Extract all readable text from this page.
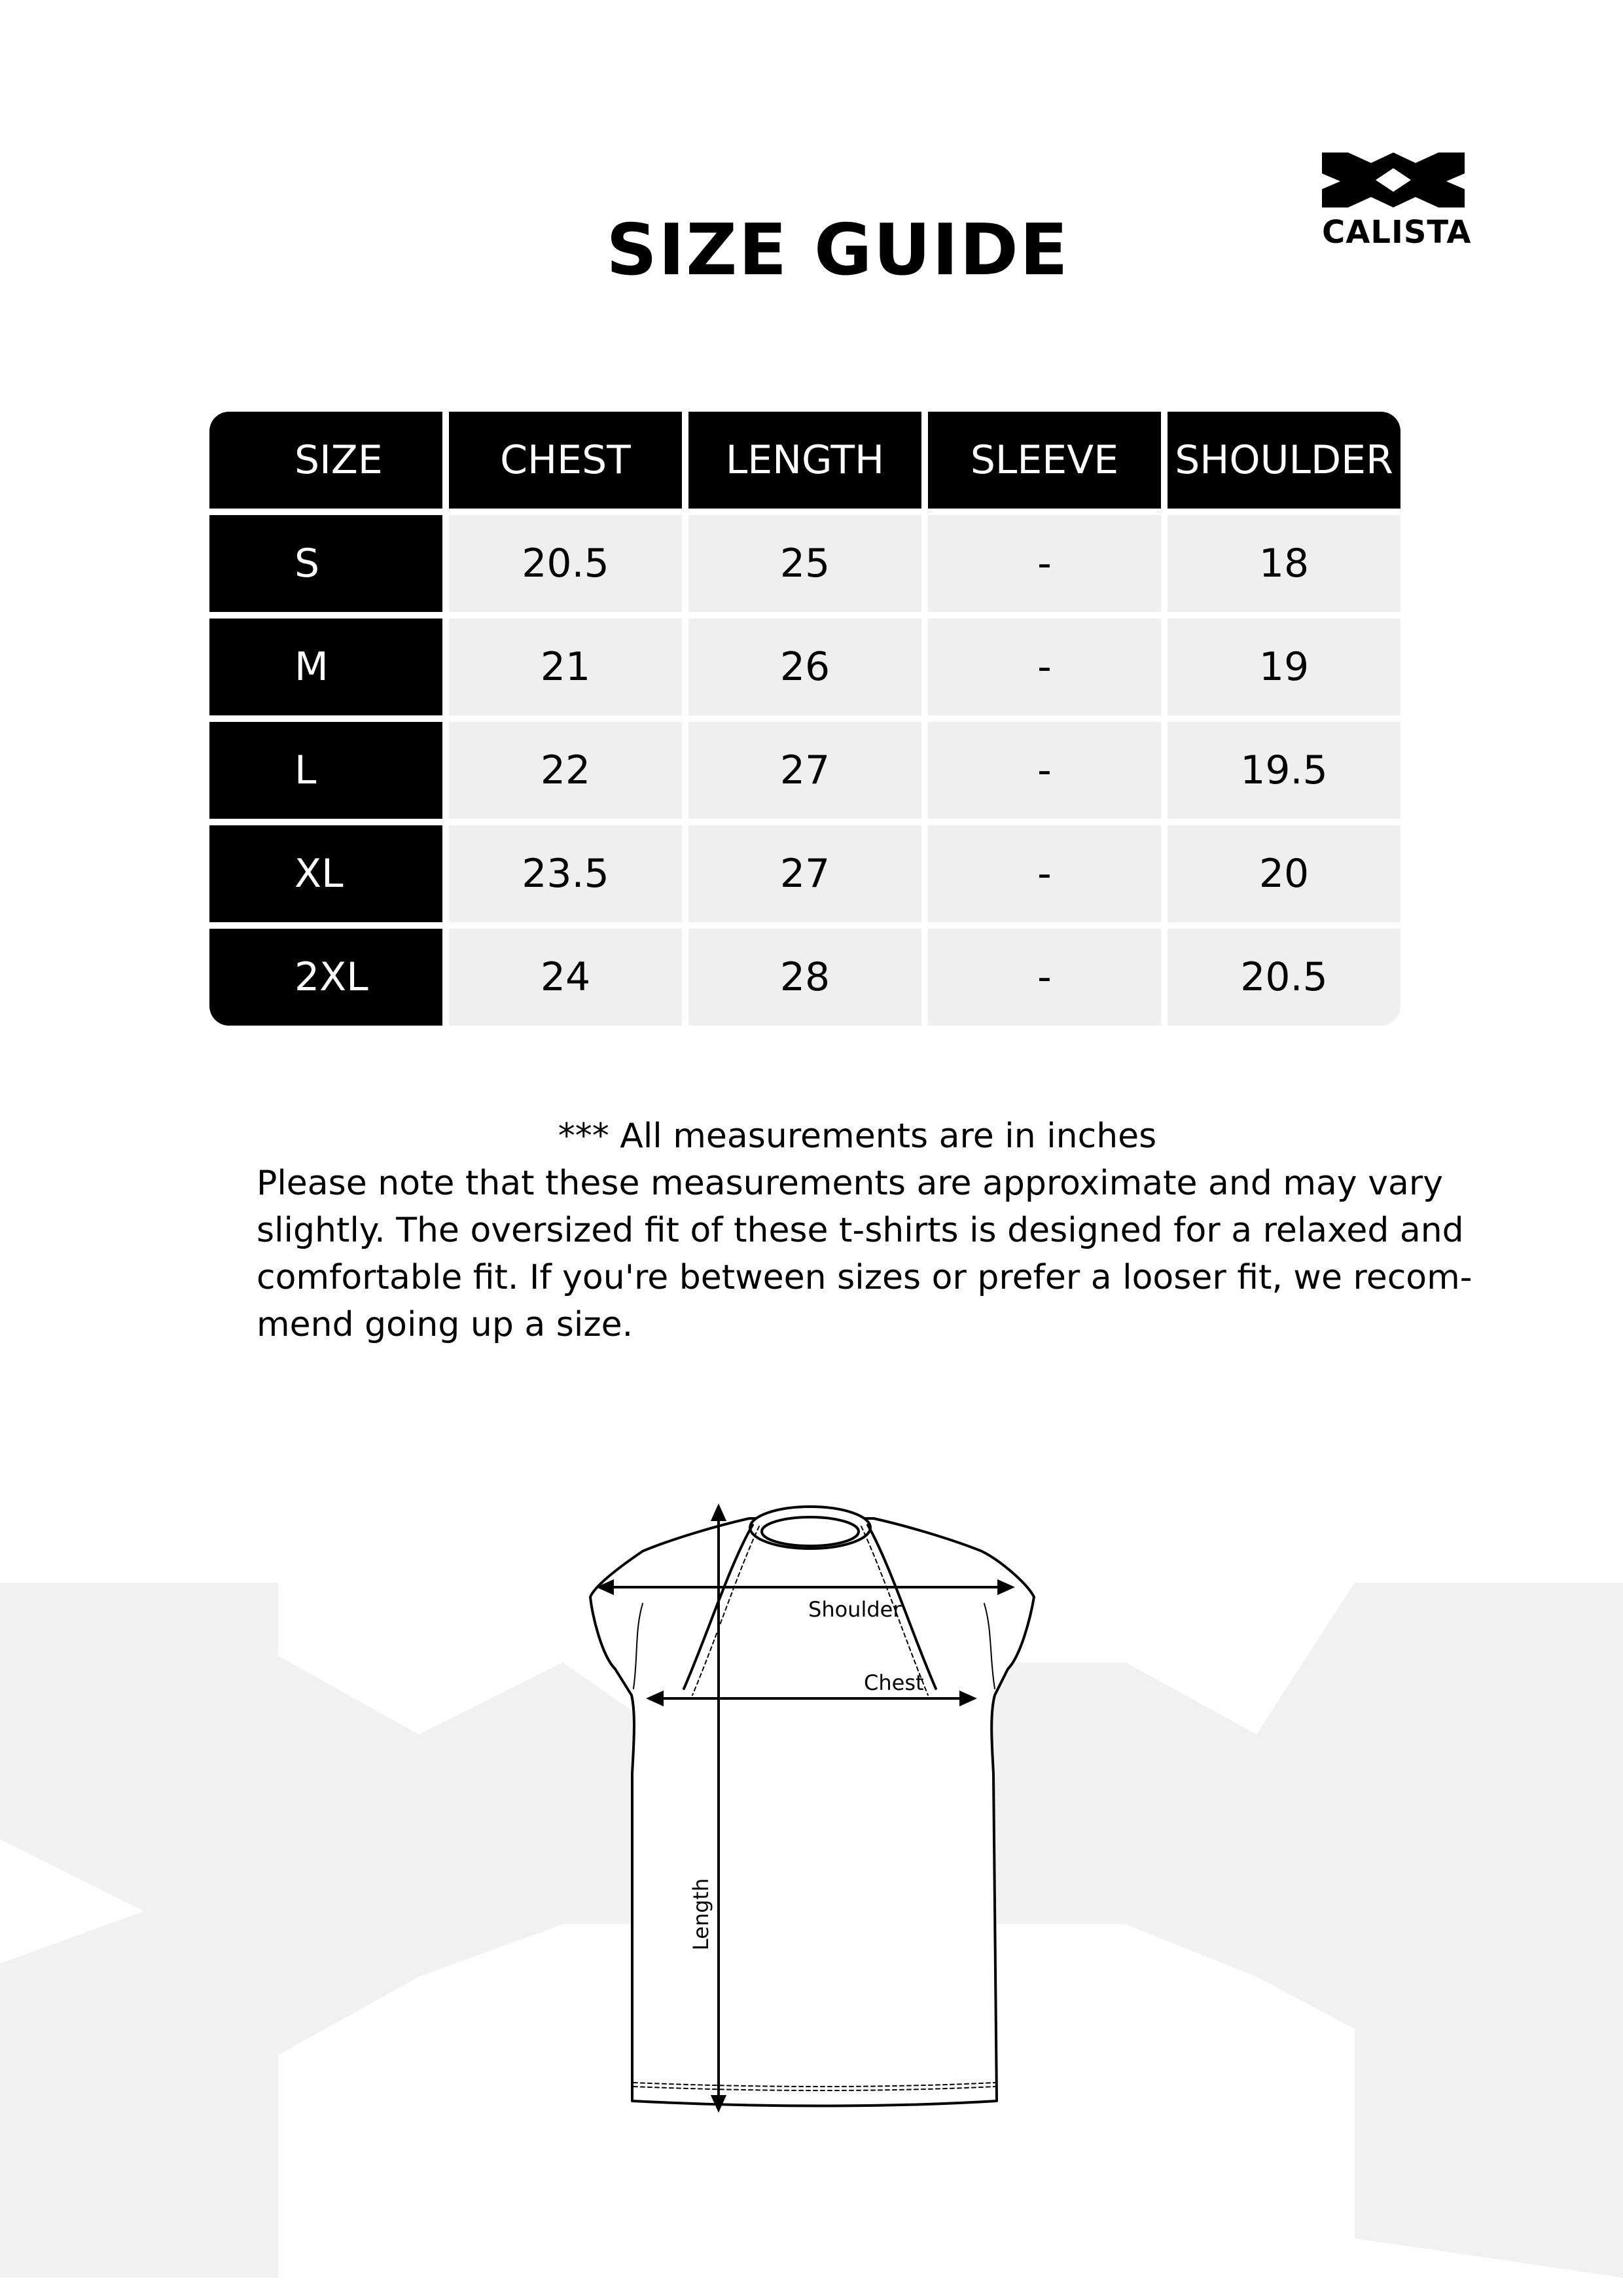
CALISTA
SIZE GUIDE
SIZE	CHEST	LENGTH	SLEEVE	SHOULDER
S	20.5	25	-	18
M	21	26	-	19
L	22	27	-	19.5
XL	23.5	27	-	20
2XL	24	28	-	20.5
*** All measurements are in inches
Please note that these measurements are approximate and may vary
slightly. The oversized fit of these t-shirts is designed for a relaxed and
comfortable fit. If you're between sizes or prefer a looser fit, we recom-
mend going up a size.
Shoulder
Chest
Length
